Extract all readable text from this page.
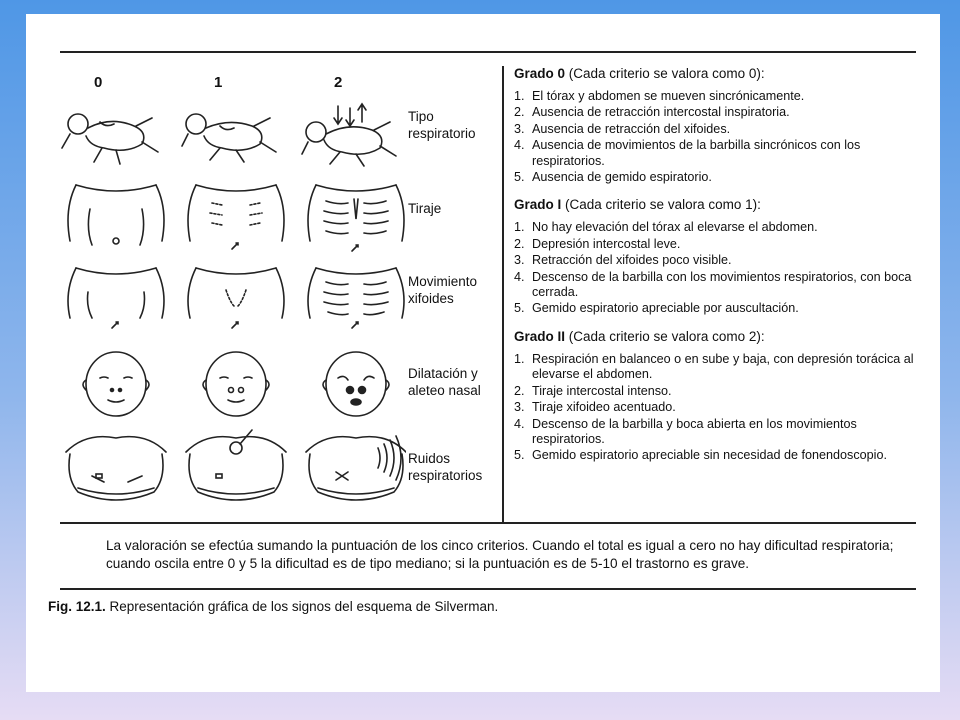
0	1	2
Tipo respiratorio
Tiraje
Movimiento xifoides
Dilatación y aleteo nasal
Ruidos respiratorios
Grado 0 (Cada criterio se valora como 0):
1. El tórax y abdomen se mueven sincrónicamente.
2. Ausencia de retracción intercostal inspiratoria.
3. Ausencia de retracción del xifoides.
4. Ausencia de movimientos de la barbilla sincrónicos con los respiratorios.
5. Ausencia de gemido espiratorio.
Grado I (Cada criterio se valora como 1):
1. No hay elevación del tórax al elevarse el abdomen.
2. Depresión intercostal leve.
3. Retracción del xifoides poco visible.
4. Descenso de la barbilla con los movimientos respiratorios, con boca cerrada.
5. Gemido espiratorio apreciable por auscultación.
Grado II (Cada criterio se valora como 2):
1. Respiración en balanceo o en sube y baja, con depresión torácica al elevarse el abdomen.
2. Tiraje intercostal intenso.
3. Tiraje xifoideo acentuado.
4. Descenso de la barbilla y boca abierta en los movimientos respiratorios.
5. Gemido espiratorio apreciable sin necesidad de fonendoscopio.
La valoración se efectúa sumando la puntuación de los cinco criterios. Cuando el total es igual a cero no hay dificultad respiratoria; cuando oscila entre 0 y 5 la dificultad es de tipo mediano; si la puntuación es de 5-10 el trastorno es grave.
Fig. 12.1. Representación gráfica de los signos del esquema de Silverman.
